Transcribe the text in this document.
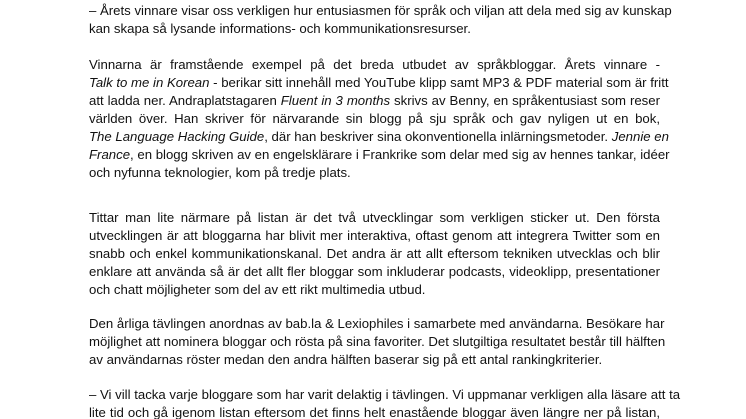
– Årets vinnare visar oss verkligen hur entusiasmen för språk och viljan att dela med sig av kunskap
kan skapa så lysande informations- och kommunikationsresurser.

Vinnarna är framstående exempel på det breda utbudet av språkbloggar. Årets vinnare -
Talk to me in Korean - berikar sitt innehåll med YouTube klipp samt MP3 & PDF material som är fritt
att ladda ner. Andraplatstagaren Fluent in 3 months skrivs av Benny, en språkentusiast som reser
världen över. Han skriver för närvarande sin blogg på sju språk och gav nyligen ut en bok,
The Language Hacking Guide, där han beskriver sina okonventionella inlärningsmetoder. Jennie en
France, en blogg skriven av en engelsklärare i Frankrike som delar med sig av hennes tankar, idéer
och nyfunna teknologier, kom på tredje plats.

Tittar man lite närmare på listan är det två utvecklingar som verkligen sticker ut. Den första
utvecklingen är att bloggarna har blivit mer interaktiva, oftast genom att integrera Twitter som en
snabb och enkel kommunikationskanal. Det andra är att allt eftersom tekniken utvecklas och blir
enklare att använda så är det allt fler bloggar som inkluderar podcasts, videoklipp, presentationer
och chatt möjligheter som del av ett rikt multimedia utbud.

Den årliga tävlingen anordnas av bab.la & Lexiophiles i samarbete med användarna. Besökare har
möjlighet att nominera bloggar och rösta på sina favoriter. Det slutgiltiga resultatet består till hälften
av användarnas röster medan den andra hälften baserar sig på ett antal rankingkriterier.

– Vi vill tacka varje bloggare som har varit delaktig i tävlingen. Vi uppmanar verkligen alla läsare att ta
lite tid och gå igenom listan eftersom det finns helt enastående bloggar även längre ner på listan,
